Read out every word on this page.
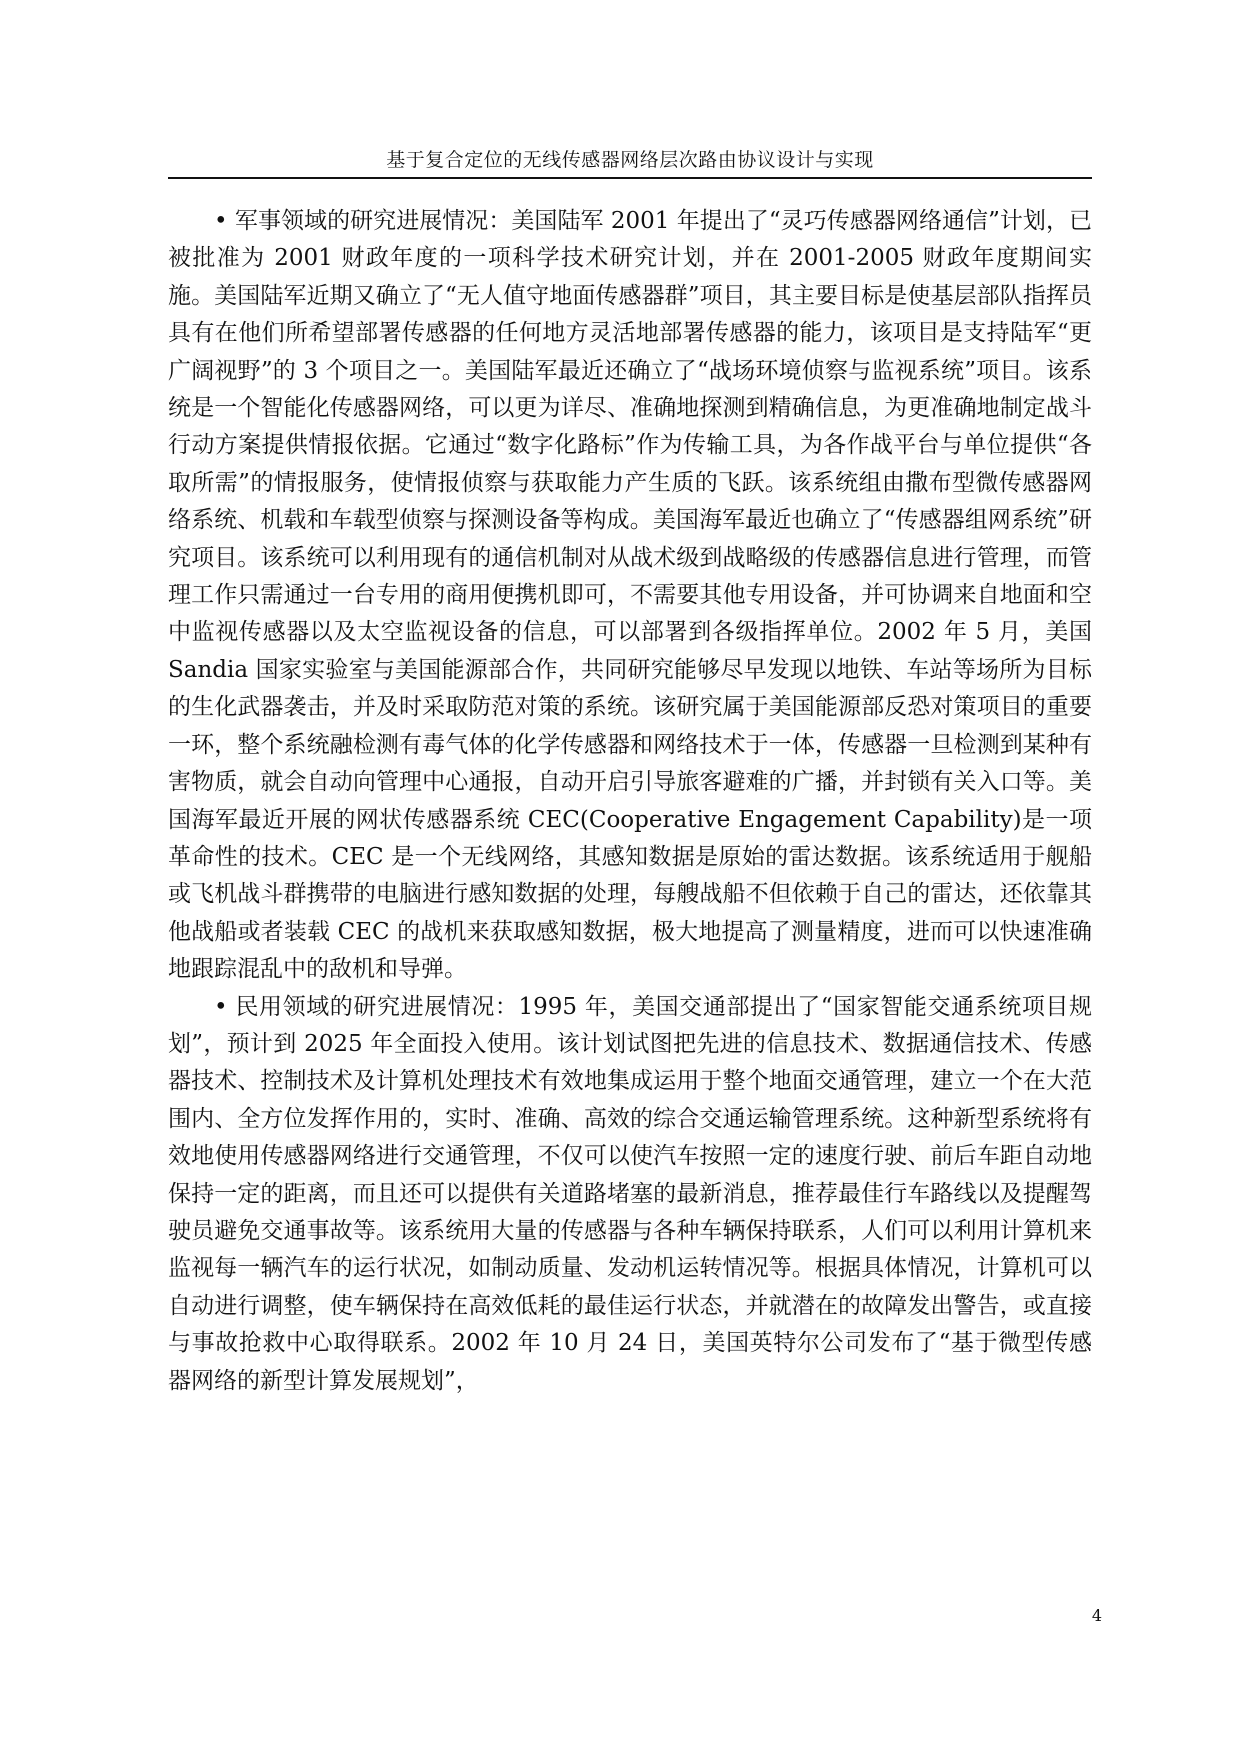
基于复合定位的无线传感器网络层次路由协议设计与实现

• 军事领域的研究进展情况：美国陆军 2001 年提出了“灵巧传感器网络通信”计划，已被批准为 2001 财政年度的一项科学技术研究计划，并在 2001-2005 财政年度期间实施。美国陆军近期又确立了“无人值守地面传感器群”项目，其主要目标是使基层部队指挥员具有在他们所希望部署传感器的任何地方灵活地部署传感器的能力，该项目是支持陆军“更广阔视野”的 3 个项目之一。美国陆军最近还确立了“战场环境侦察与监视系统”项目。该系统是一个智能化传感器网络，可以更为详尽、准确地探测到精确信息，为更准确地制定战斗行动方案提供情报依据。它通过“数字化路标”作为传输工具，为各作战平台与单位提供“各取所需”的情报服务，使情报侦察与获取能力产生质的飞跃。该系统组由撒布型微传感器网络系统、机载和车载型侦察与探测设备等构成。美国海军最近也确立了“传感器组网系统”研究项目。该系统可以利用现有的通信机制对从战术级到战略级的传感器信息进行管理，而管理工作只需通过一台专用的商用便携机即可，不需要其他专用设备，并可协调来自地面和空中监视传感器以及太空监视设备的信息，可以部署到各级指挥单位。2002 年 5 月，美国 Sandia 国家实验室与美国能源部合作，共同研究能够尽早发现以地铁、车站等场所为目标的生化武器袭击，并及时采取防范对策的系统。该研究属于美国能源部反恐对策项目的重要一环，整个系统融检测有毒气体的化学传感器和网络技术于一体，传感器一旦检测到某种有害物质，就会自动向管理中心通报，自动开启引导旅客避难的广播，并封锁有关入口等。美国海军最近开展的网状传感器系统 CEC(Cooperative Engagement Capability)是一项革命性的技术。CEC 是一个无线网络，其感知数据是原始的雷达数据。该系统适用于舰船或飞机战斗群携带的电脑进行感知数据的处理，每艘战船不但依赖于自己的雷达，还依靠其他战船或者装载 CEC 的战机来获取感知数据，极大地提高了测量精度，进而可以快速准确地跟踪混乱中的敌机和导弹。

• 民用领域的研究进展情况：1995 年，美国交通部提出了“国家智能交通系统项目规划”，预计到 2025 年全面投入使用。该计划试图把先进的信息技术、数据通信技术、传感器技术、控制技术及计算机处理技术有效地集成运用于整个地面交通管理，建立一个在大范围内、全方位发挥作用的，实时、准确、高效的综合交通运输管理系统。这种新型系统将有效地使用传感器网络进行交通管理，不仅可以使汽车按照一定的速度行驶、前后车距自动地保持一定的距离，而且还可以提供有关道路堵塞的最新消息，推荐最佳行车路线以及提醒驾驶员避免交通事故等。该系统用大量的传感器与各种车辆保持联系，人们可以利用计算机来监视每一辆汽车的运行状况，如制动质量、发动机运转情况等。根据具体情况，计算机可以自动进行调整，使车辆保持在高效低耗的最佳运行状态，并就潜在的故障发出警告，或直接与事故抢救中心取得联系。2002 年 10 月 24 日，美国英特尔公司发布了“基于微型传感器网络的新型计算发展规划”，

4
